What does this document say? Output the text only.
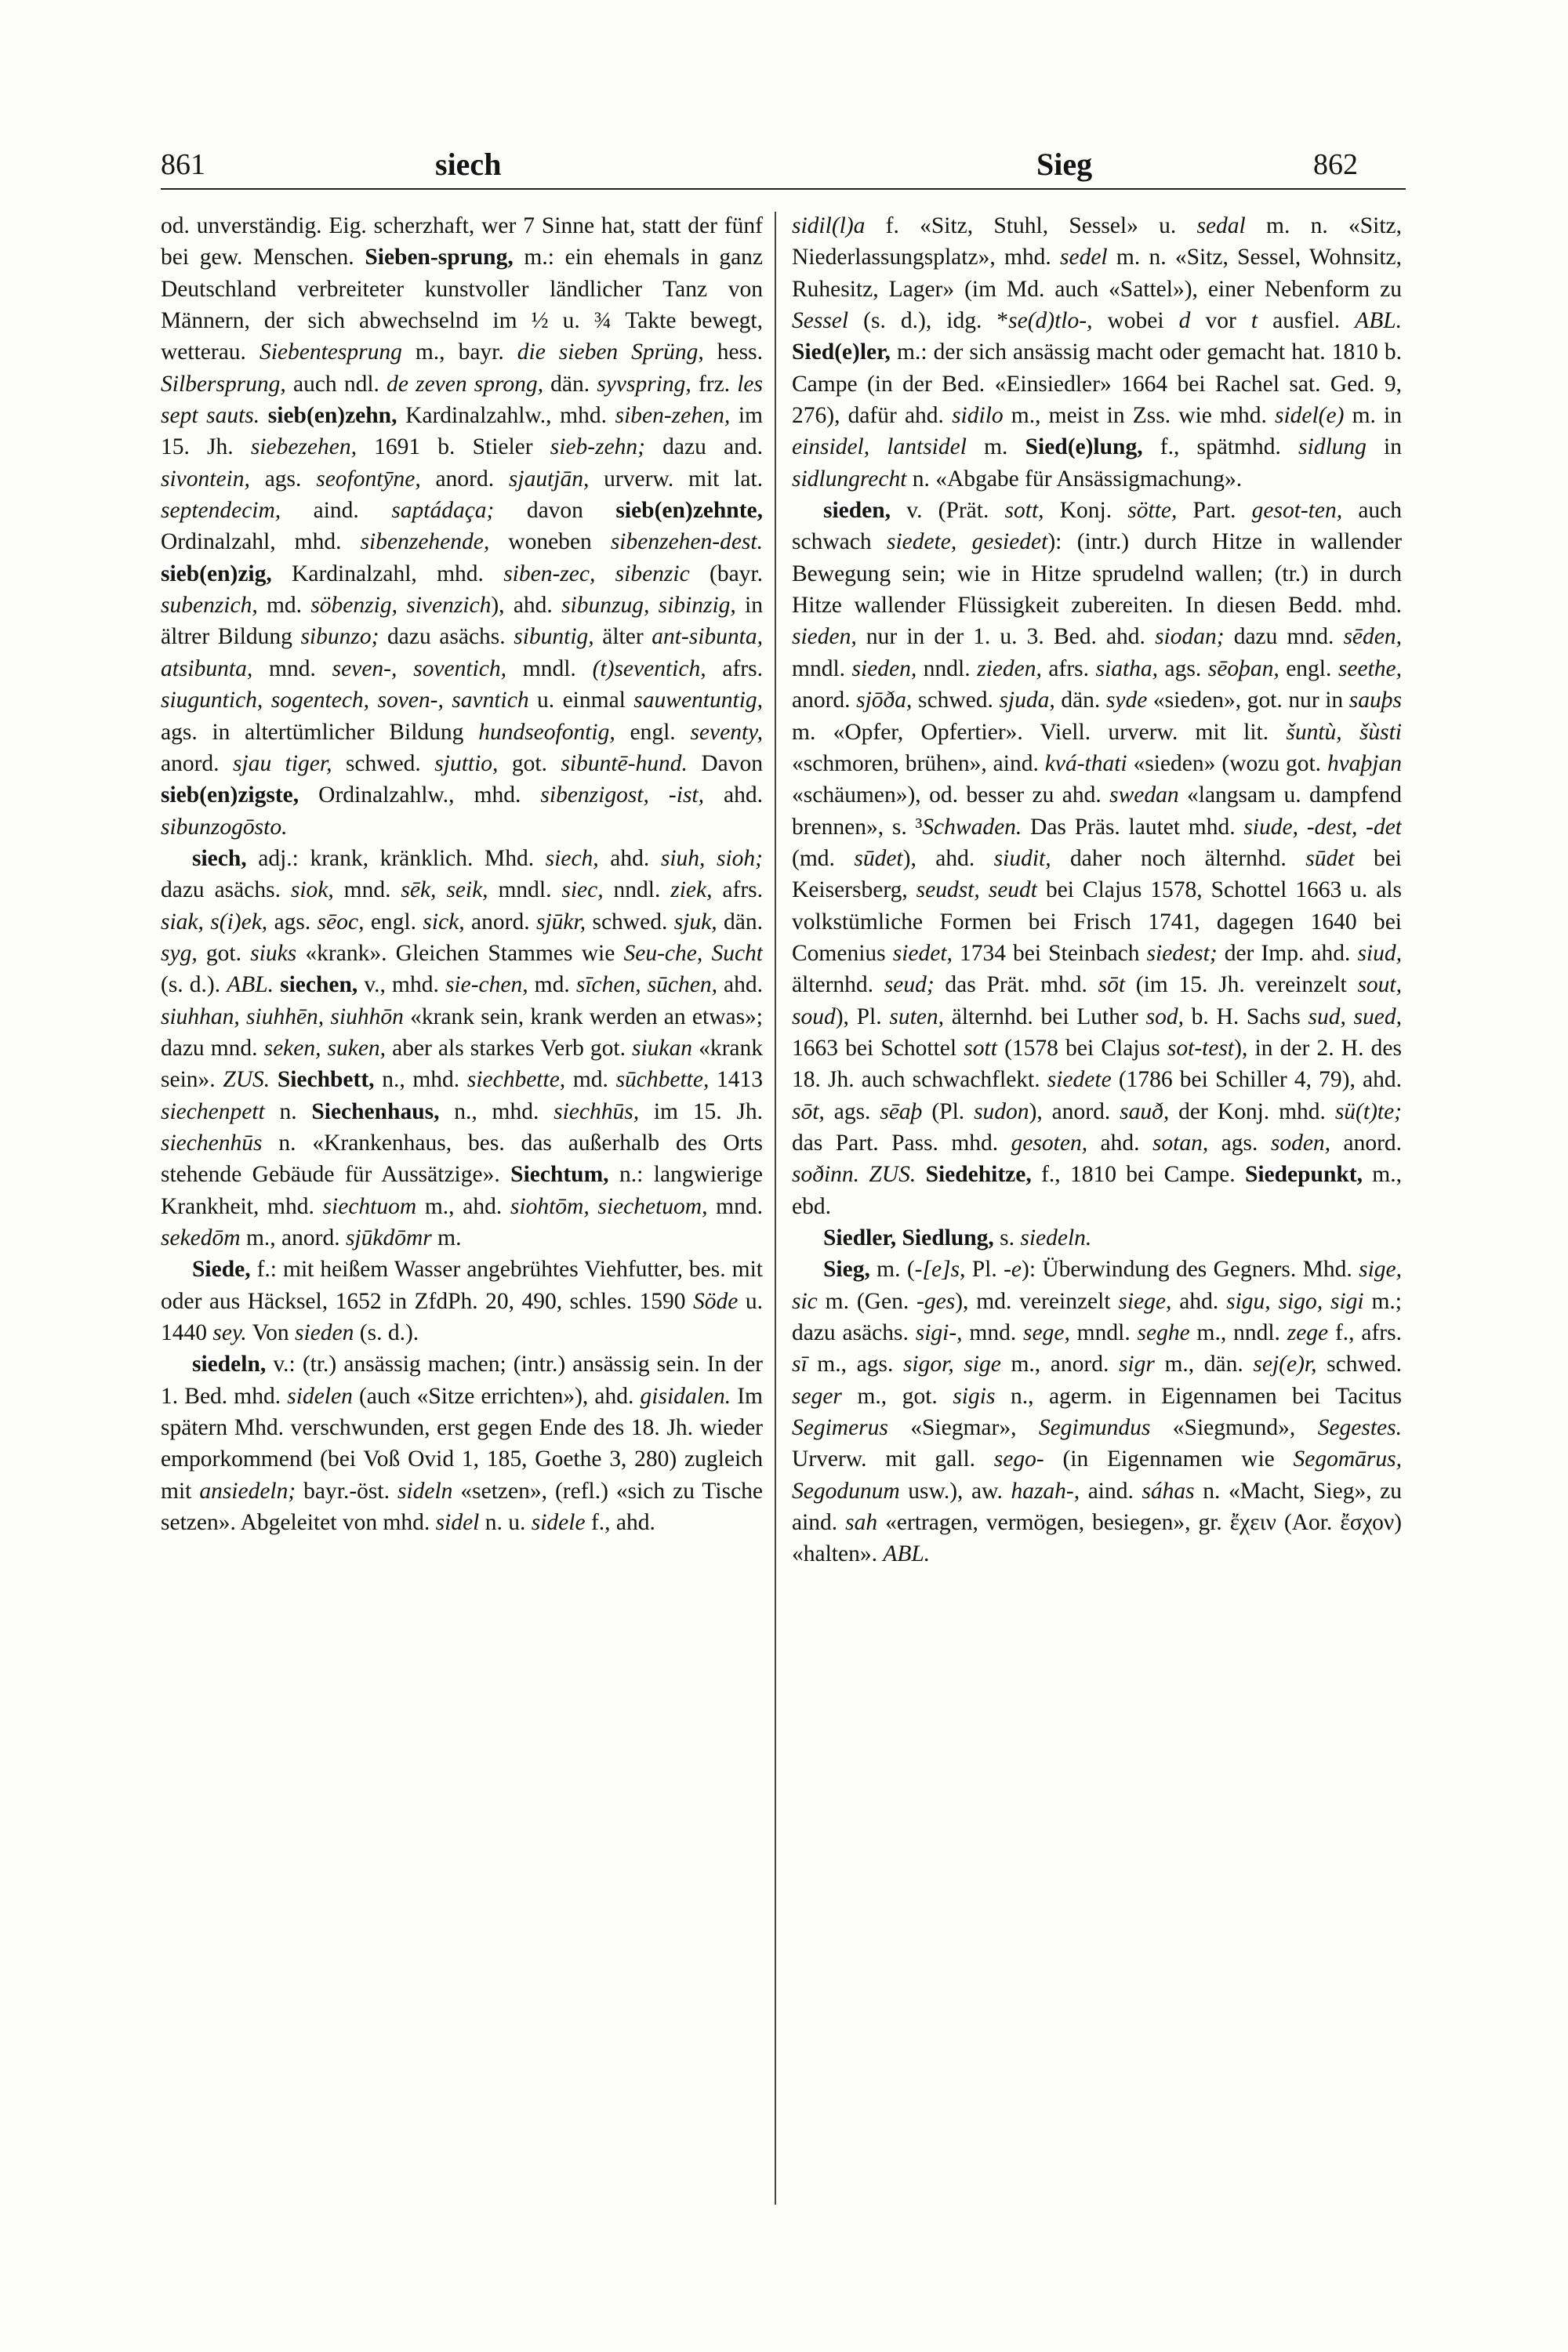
861	siech	Sieg	862

od. unverständig. Eig. scherzhaft, wer 7 Sinne hat, statt der fünf bei gew. Menschen. Sieben-sprung, m.: ein ehemals in ganz Deutschland verbreiteter kunstvoller ländlicher Tanz von Männern, der sich abwechselnd im ½ u. ¾ Takte bewegt, wetterau. Siebentesprung m., bayr. die sieben Sprüng, hess. Silbersprung, auch ndl. de zeven sprong, dän. syvspring, frz. les sept sauts. sieb(en)zehn, Kardinalzahlw., mhd. siben-zehen, im 15. Jh. siebezehen, 1691 b. Stieler sieb-zehn; dazu and. sivontein, ags. seofontȳne, anord. sjautjān, urverw. mit lat. septendecim, aind. saptádaça; davon sieb(en)zehnte, Ordinalzahl, mhd. sibenzehende, woneben sibenzehen-dest. sieb(en)zig, Kardinalzahl, mhd. siben-zec, sibenzic (bayr. subenzich, md. söbenzig, sivenzich), ahd. sibunzug, sibinzig, in ältrer Bildung sibunzo; dazu asächs. sibuntig, älter ant-sibunta, atsibunta, mnd. seven-, soventich, mndl. (t)seventich, afrs. siuguntich, sogentech, soven-, savntich u. einmal sauwentuntig, ags. in altertümlicher Bildung hundseofontig, engl. seventy, anord. sjau tiger, schwed. sjuttio, got. sibuntē-hund. Davon sieb(en)zigste, Ordinalzahlw., mhd. sibenzigost, -ist, ahd. sibunzogōsto.

siech, adj.: krank, kränklich. Mhd. siech, ahd. siuh, sioh; dazu asächs. siok, mnd. sēk, seik, mndl. siec, nndl. ziek, afrs. siak, s(i)ek, ags. sēoc, engl. sick, anord. sjūkr, schwed. sjuk, dän. syg, got. siuks «krank». Gleichen Stammes wie Seu-che, Sucht (s. d.). ABL. siechen, v., mhd. sie-chen, md. sīchen, sūchen, ahd. siuhhan, siuhhēn, siuhhōn «krank sein, krank werden an etwas»; dazu mnd. seken, suken, aber als starkes Verb got. siukan «krank sein». ZUS. Siechbett, n., mhd. siechbette, md. sūchbette, 1413 siechenpett n. Siechenhaus, n., mhd. siechhūs, im 15. Jh. siechenhūs n. «Krankenhaus, bes. das außerhalb des Orts stehende Gebäude für Aussätzige». Siechtum, n.: langwierige Krankheit, mhd. siechtuom m., ahd. siohtōm, siechetuom, mnd. sekedōm m., anord. sjūkdōmr m.

Siede, f.: mit heißem Wasser angebrühtes Viehfutter, bes. mit oder aus Häcksel, 1652 in ZfdPh. 20, 490, schles. 1590 Söde u. 1440 sey. Von sieden (s. d.).

siedeln, v.: (tr.) ansässig machen; (intr.) ansässig sein. In der 1. Bed. mhd. sidelen (auch «Sitze errichten»), ahd. gisidalen. Im spätern Mhd. verschwunden, erst gegen Ende des 18. Jh. wieder emporkommend (bei Voß Ovid 1, 185, Goethe 3, 280) zugleich mit ansiedeln; bayr.-öst. sideln «setzen», (refl.) «sich zu Tische setzen». Abgeleitet von mhd. sidel n. u. sidele f., ahd.

sidil(l)a f. «Sitz, Stuhl, Sessel» u. sedal m. n. «Sitz, Niederlassungsplatz», mhd. sedel m. n. «Sitz, Sessel, Wohnsitz, Ruhesitz, Lager» (im Md. auch «Sattel»), einer Nebenform zu Sessel (s. d.), idg. *se(d)tlo-, wobei d vor t ausfiel. ABL. Sied(e)ler, m.: der sich ansässig macht oder gemacht hat. 1810 b. Campe (in der Bed. «Einsiedler» 1664 bei Rachel sat. Ged. 9, 276), dafür ahd. sidilo m., meist in Zss. wie mhd. sidel(e) m. in einsidel, lantsidel m. Sied(e)lung, f., spätmhd. sidlung in sidlungrecht n. «Abgabe für Ansässigmachung».

sieden, v. (Prät. sott, Konj. sötte, Part. gesot-ten, auch schwach siedete, gesiedet): (intr.) durch Hitze in wallender Bewegung sein; wie in Hitze sprudelnd wallen; (tr.) in durch Hitze wallender Flüssigkeit zubereiten. In diesen Bedd. mhd. sieden, nur in der 1. u. 3. Bed. ahd. siodan; dazu mnd. sēden, mndl. sieden, nndl. zieden, afrs. siatha, ags. sēoþan, engl. seethe, anord. sjōða, schwed. sjuda, dän. syde «sieden», got. nur in sauþs m. «Opfer, Opfertier». Viell. urverw. mit lit. šuntù, šùsti «schmoren, brühen», aind. kvá-thati «sieden» (wozu got. hvaþjan «schäumen»), od. besser zu ahd. swedan «langsam u. dampfend brennen», s. ³Schwaden. Das Präs. lautet mhd. siude, -dest, -det (md. sūdet), ahd. siudit, daher noch älternhd. sūdet bei Keisersberg, seudst, seudt bei Clajus 1578, Schottel 1663 u. als volkstümliche Formen bei Frisch 1741, dagegen 1640 bei Comenius siedet, 1734 bei Steinbach siedest; der Imp. ahd. siud, älternhd. seud; das Prät. mhd. sōt (im 15. Jh. vereinzelt sout, soud), Pl. suten, älternhd. bei Luther sod, b. H. Sachs sud, sued, 1663 bei Schottel sott (1578 bei Clajus sot-test), in der 2. H. des 18. Jh. auch schwachflekt. siedete (1786 bei Schiller 4, 79), ahd. sōt, ags. sēaþ (Pl. sudon), anord. sauð, der Konj. mhd. sü(t)te; das Part. Pass. mhd. gesoten, ahd. sotan, ags. soden, anord. soðinn. ZUS. Siedehitze, f., 1810 bei Campe. Siedepunkt, m., ebd.

Siedler, Siedlung, s. siedeln.

Sieg, m. (-[e]s, Pl. -e): Überwindung des Gegners. Mhd. sige, sic m. (Gen. -ges), md. vereinzelt siege, ahd. sigu, sigo, sigi m.; dazu asächs. sigi-, mnd. sege, mndl. seghe m., nndl. zege f., afrs. sī m., ags. sigor, sige m., anord. sigr m., dän. sej(e)r, schwed. seger m., got. sigis n., agerm. in Eigennamen bei Tacitus Segimerus «Siegmar», Segimundus «Siegmund», Segestes. Urverw. mit gall. sego- (in Eigennamen wie Segomārus, Segodunum usw.), aw. hazah-, aind. sáhas n. «Macht, Sieg», zu aind. sah «ertragen, vermögen, besiegen», gr. ἔχειν (Aor. ἔσχον) «halten». ABL.
